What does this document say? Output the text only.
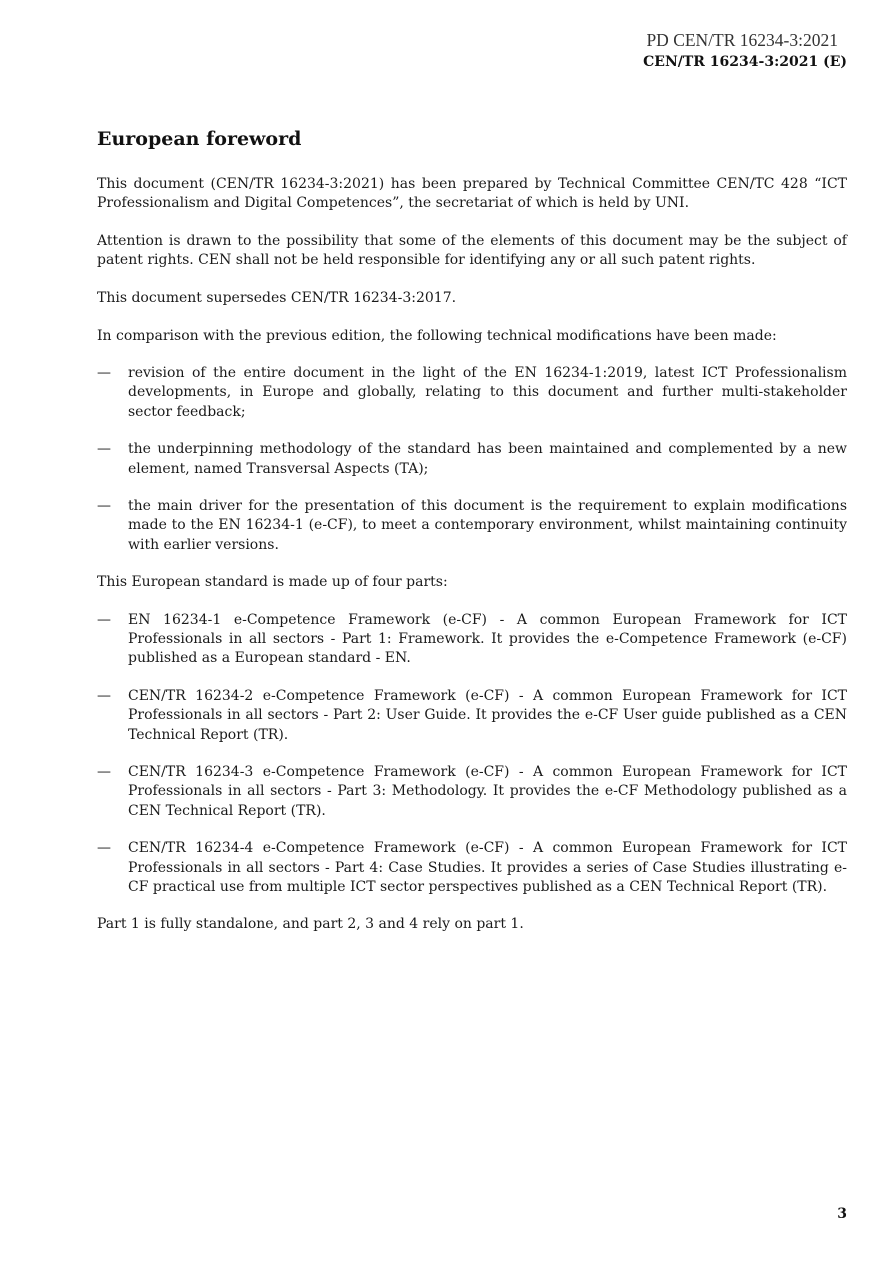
PD CEN/TR 16234-3:2021
CEN/TR 16234-3:2021 (E)
European foreword

This document (CEN/TR 16234-3:2021) has been prepared by Technical Committee CEN/TC 428 “ICT Professionalism and Digital Competences”, the secretariat of which is held by UNI.

Attention is drawn to the possibility that some of the elements of this document may be the subject of patent rights. CEN shall not be held responsible for identifying any or all such patent rights.

This document supersedes CEN/TR 16234-3:2017.

In comparison with the previous edition, the following technical modifications have been made:

— revision of the entire document in the light of the EN 16234-1:2019, latest ICT Professionalism developments, in Europe and globally, relating to this document and further multi-stakeholder sector feedback;
— the underpinning methodology of the standard has been maintained and complemented by a new element, named Transversal Aspects (TA);
— the main driver for the presentation of this document is the requirement to explain modifications made to the EN 16234-1 (e-CF), to meet a contemporary environment, whilst maintaining continuity with earlier versions.

This European standard is made up of four parts:

— EN 16234-1 e-Competence Framework (e-CF) - A common European Framework for ICT Professionals in all sectors - Part 1: Framework. It provides the e-Competence Framework (e-CF) published as a European standard - EN.
— CEN/TR 16234-2 e-Competence Framework (e-CF) - A common European Framework for ICT Professionals in all sectors - Part 2: User Guide. It provides the e-CF User guide published as a CEN Technical Report (TR).
— CEN/TR 16234-3 e-Competence Framework (e-CF) - A common European Framework for ICT Professionals in all sectors - Part 3: Methodology. It provides the e-CF Methodology published as a CEN Technical Report (TR).
— CEN/TR 16234-4 e-Competence Framework (e-CF) - A common European Framework for ICT Professionals in all sectors - Part 4: Case Studies. It provides a series of Case Studies illustrating e-CF practical use from multiple ICT sector perspectives published as a CEN Technical Report (TR).

Part 1 is fully standalone, and part 2, 3 and 4 rely on part 1.

3
